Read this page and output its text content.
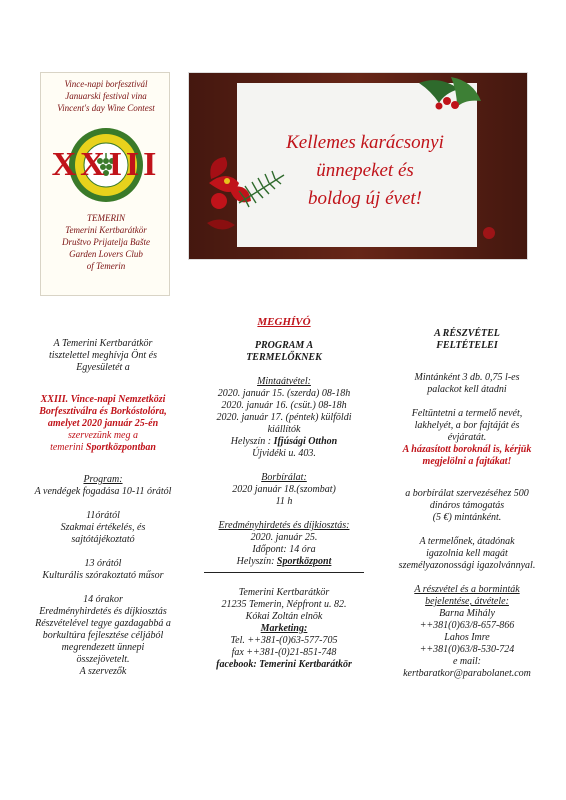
Vince-napi borfesztivál
Januarski festival vina
Vincent's day Wine Contest
XXIII
TEMERIN
Temerini Kertbarátkör
Društvo Prijatelja Bašte
Garden Lovers Club
of Temerin
Kellemes karácsonyi
ünnepeket és
boldog új évet!
A Temerini Kertbarátkör
tisztelettel meghívja Önt és
Egyesületét a
XXIII. Vince-napi Nemzetközi
Borfesztiválra és Borkóstolóra,
amelyet 2020 január 25-én
szervezünk meg a
temerini Sportközpontban
Program:
A vendégek fogadása 10-11 órától
11órától
Szakmai értékelés, és
sajtótájékoztató
13 órától
Kulturális szórakoztató műsor
14 órakor
Eredményhirdetés és díjkiosztás
Részvételével tegye gazdagabbá a
borkultúra fejlesztése céljából
megrendezett ünnepi
összejövetelt.
A szervezők
MEGHÍVÓ
PROGRAM A
TERMELŐKNEK
Mintaátvétel:
2020. január 15. (szerda) 08-18h
2020. január 16. (csüt.) 08-18h
2020. január 17. (péntek) külföldi
kiállítók
Helyszín : Ifjúsági Otthon
Újvidéki u. 403.
Borbírálat:
2020 január 18.(szombat)
11 h
Eredményhirdetés és díjkiosztás:
2020. január 25.
Időpont: 14 óra
Helyszín: Sportközpont
Temerini Kertbarátkör
21235 Temerin, Népfront u. 82.
Kókai Zoltán elnök
Marketing:
Tel. ++381-(0)63-577-705
fax ++381-(0)21-851-748
facebook: Temerini Kertbarátkör
A RÉSZVÉTEL
FELTÉTELEI
Mintánként 3 db. 0,75 l-es
palackot kell átadni
Feltüntetni a termelő nevét,
lakhelyét, a bor fajtáját és
évjáratát.
A házasított boroknál is, kérjük
megjelölni a fajtákat!
a borbírálat szervezéséhez 500
dináros támogatás
(5 €) mintánként.
A termelőnek, átadónak
igazolnia kell magát
személyazonossági igazolvánnyal.
A részvétel és a borminták
bejelentése, átvétele:
Barna Mihály
++381(0)63/8-657-866
Lahos Imre
++381(0)63/8-530-724
e mail:
kertbaratkor@parabolanet.com
